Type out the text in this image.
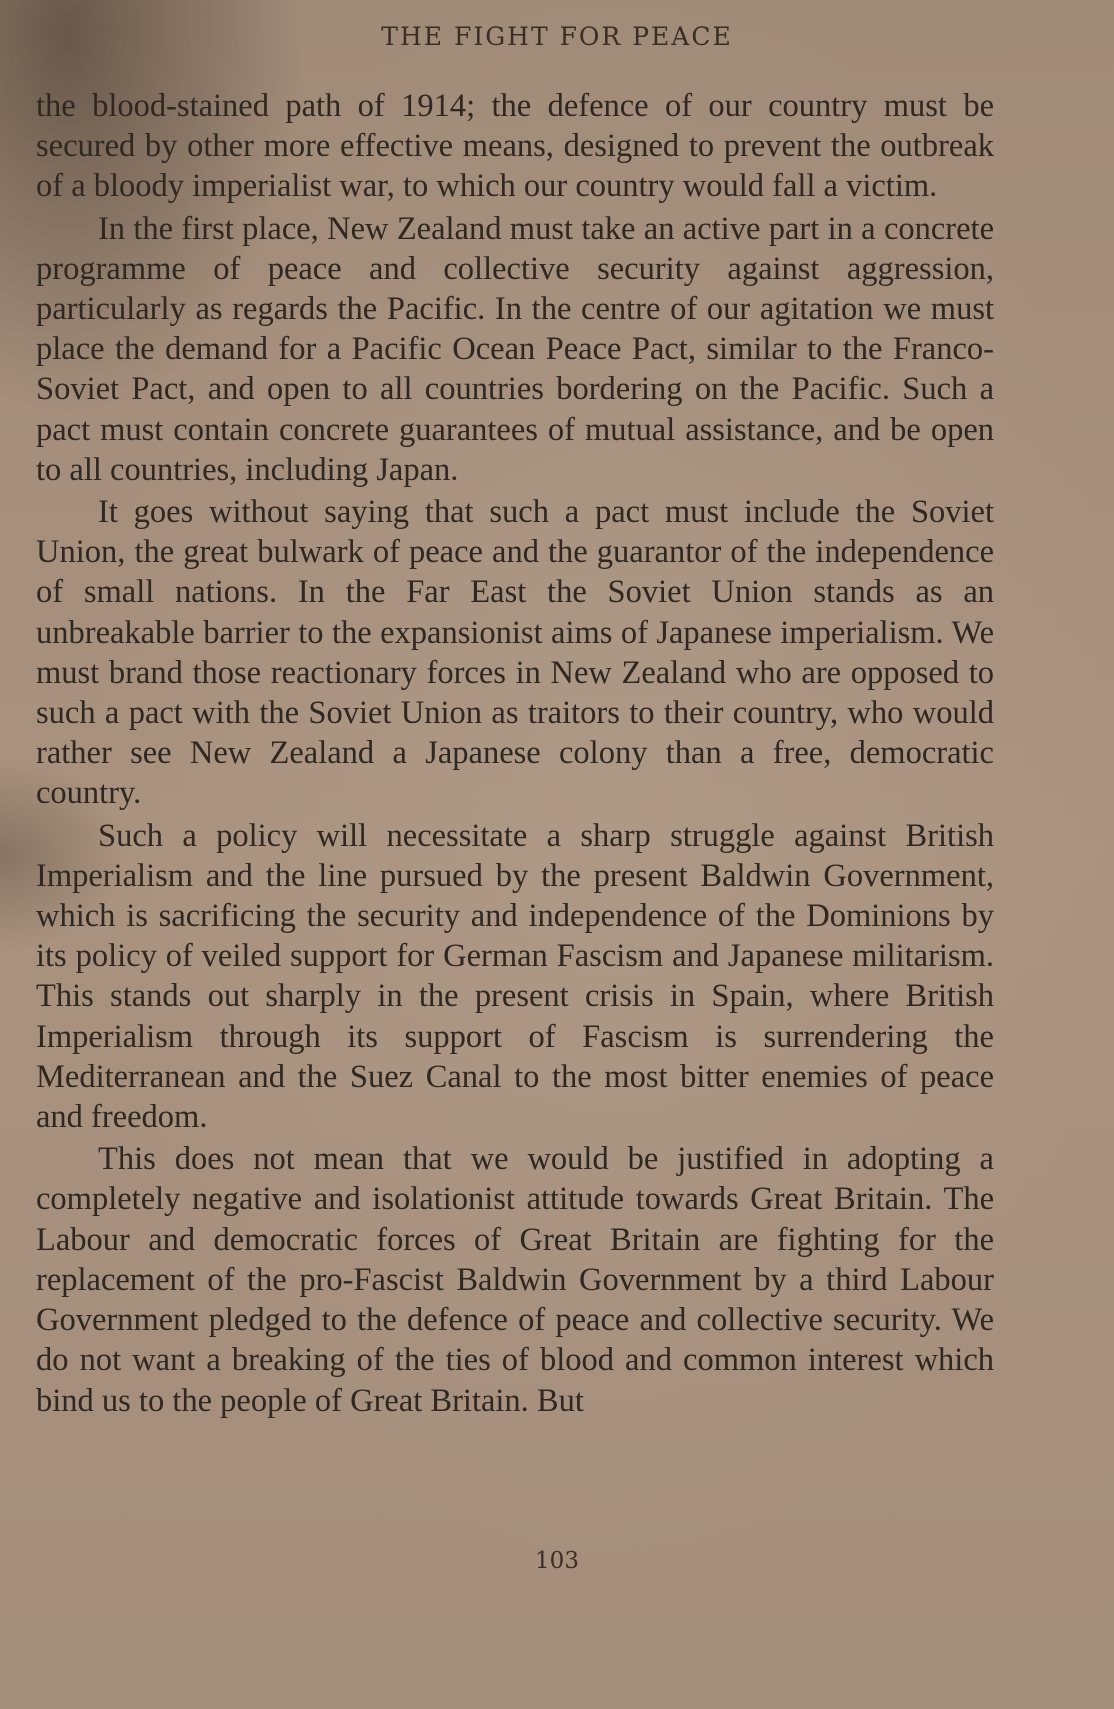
THE FIGHT FOR PEACE

the blood-stained path of 1914; the defence of our country must be secured by other more effective means, designed to prevent the outbreak of a bloody imperialist war, to which our country would fall a victim.

In the first place, New Zealand must take an active part in a concrete programme of peace and collective security against aggression, particularly as regards the Pacific. In the centre of our agitation we must place the demand for a Pacific Ocean Peace Pact, similar to the Franco-Soviet Pact, and open to all countries bordering on the Pacific. Such a pact must contain concrete guarantees of mutual assistance, and be open to all countries, including Japan.

It goes without saying that such a pact must include the Soviet Union, the great bulwark of peace and the guarantor of the independence of small nations. In the Far East the Soviet Union stands as an unbreakable barrier to the expansionist aims of Japanese imperialism. We must brand those reactionary forces in New Zealand who are opposed to such a pact with the Soviet Union as traitors to their country, who would rather see New Zealand a Japanese colony than a free, democratic country.

Such a policy will necessitate a sharp struggle against British Imperialism and the line pursued by the present Baldwin Government, which is sacrificing the security and independence of the Dominions by its policy of veiled support for German Fascism and Japanese militarism. This stands out sharply in the present crisis in Spain, where British Imperialism through its support of Fascism is surrendering the Mediterranean and the Suez Canal to the most bitter enemies of peace and freedom.

This does not mean that we would be justified in adopting a completely negative and isolationist attitude towards Great Britain. The Labour and democratic forces of Great Britain are fighting for the replacement of the pro-Fascist Baldwin Government by a third Labour Government pledged to the defence of peace and collective security. We do not want a breaking of the ties of blood and common interest which bind us to the people of Great Britain. But

103
